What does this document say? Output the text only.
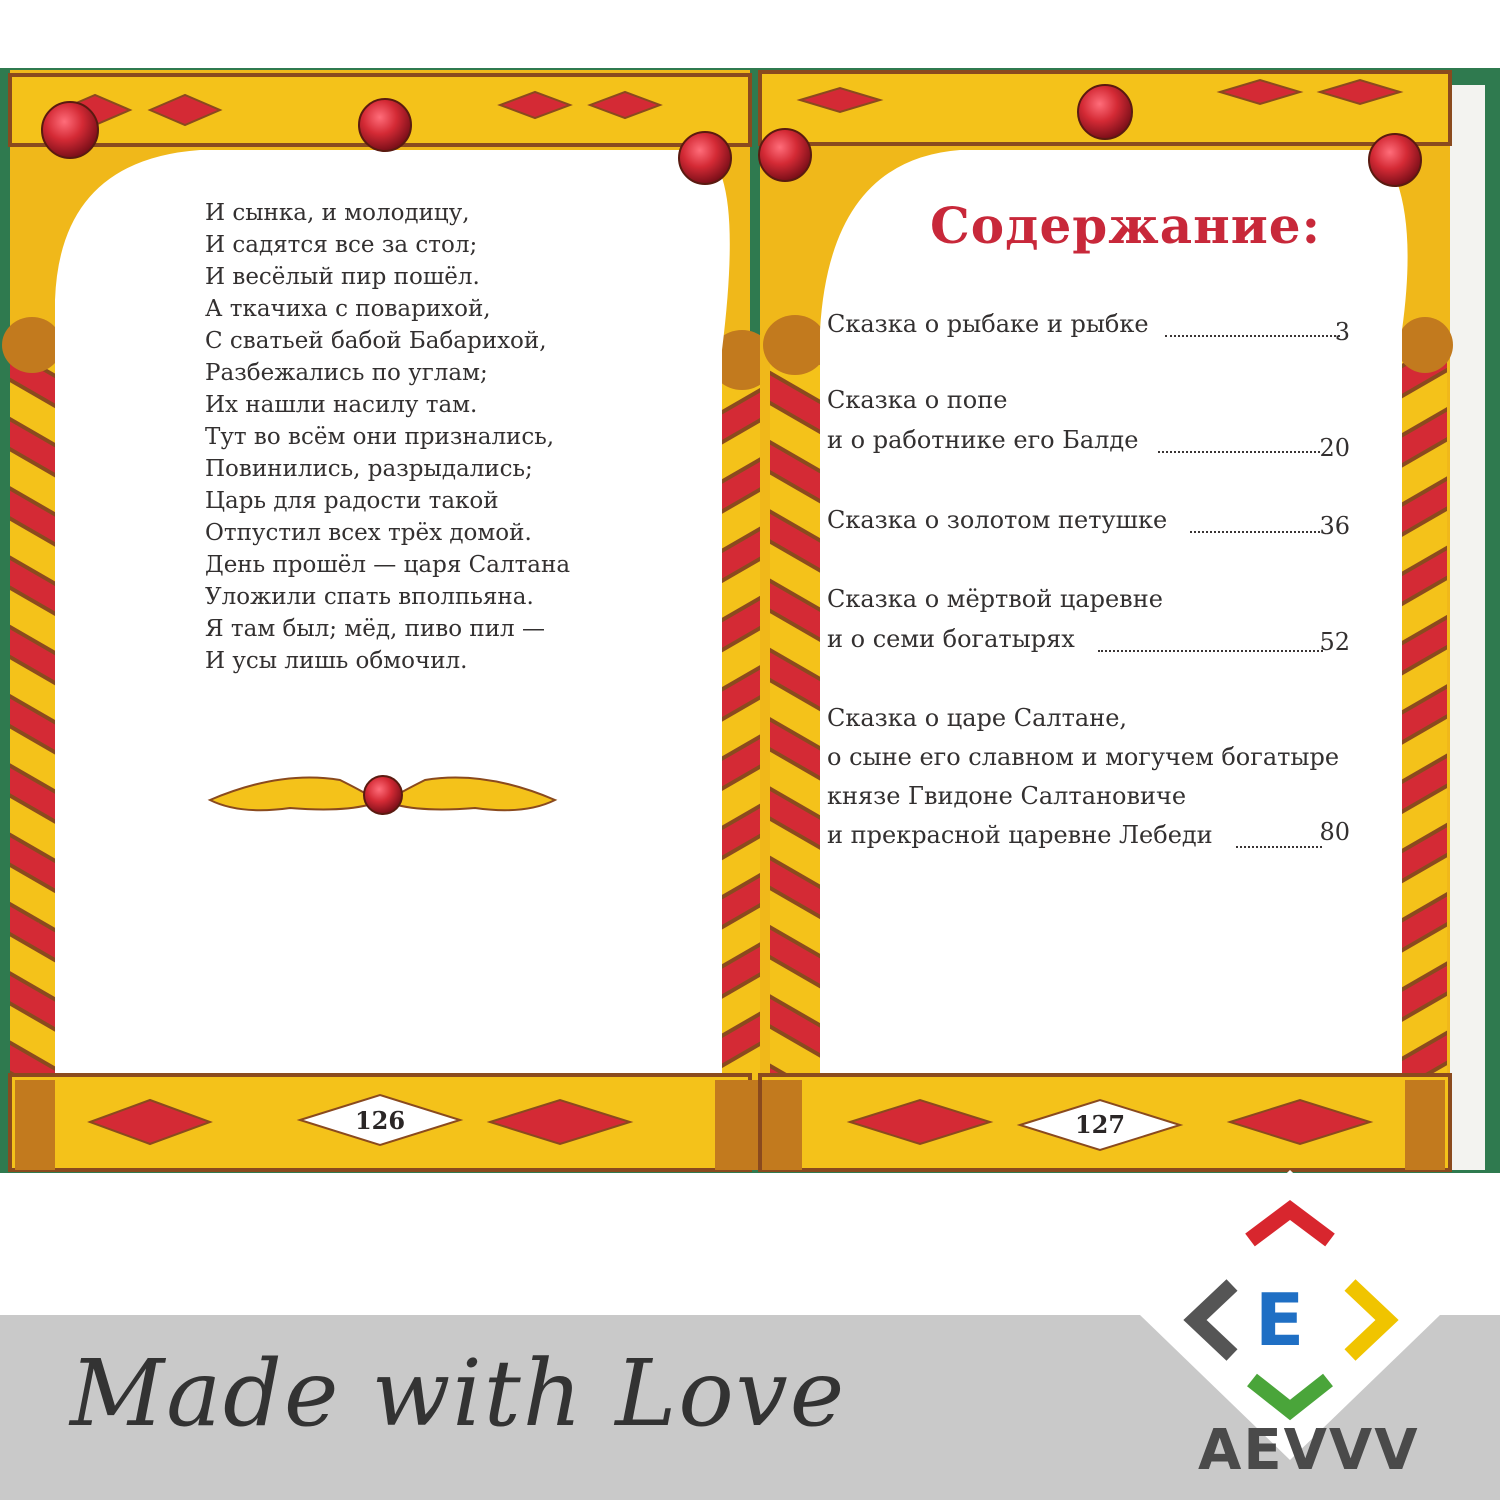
И сынка, и молодицу,
И садятся все за стол;
И весёлый пир пошёл.
А ткачиха с поварихой,
С сватьей бабой Бабарихой,
Разбежались по углам;
Их нашли насилу там.
Тут во всём они признались,
Повинились, разрыдались;
Царь для радости такой
Отпустил всех трёх домой.
День прошёл — царя Салтана
Уложили спать вполпьяна.
Я там был; мёд, пиво пил —
И усы лишь обмочил.
126
Содержание:
Сказка о рыбаке и рыбке	3
Сказка о попе
и о работнике его Балде	20
Сказка о золотом петушке	36
Сказка о мёртвой царевне
и о семи богатырях	52
Сказка о царе Салтане,
о сыне его славном и могучем богатыре
князе Гвидоне Салтановиче
и прекрасной царевне Лебеди	80
127
Made with Love
E
AEVVV
